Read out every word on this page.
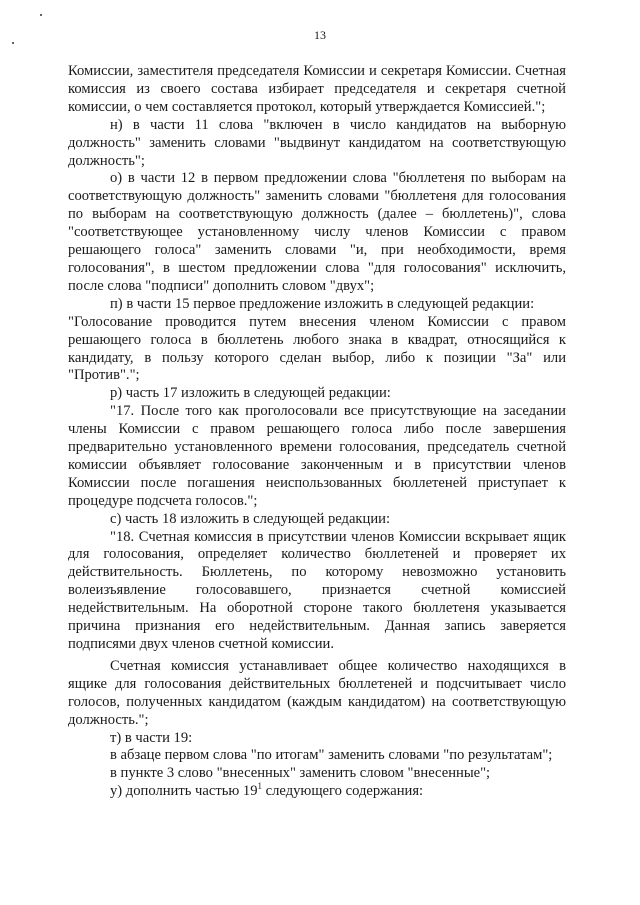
13

Комиссии, заместителя председателя Комиссии и секретаря Комиссии. Счетная комиссия из своего состава избирает председателя и секретаря счетной комиссии, о чем составляется протокол, который утверждается Комиссией.";

н) в части 11 слова "включен в число кандидатов на выборную должность" заменить словами "выдвинут кандидатом на соответствующую должность";

о) в части 12 в первом предложении слова "бюллетеня по выборам на соответствующую должность" заменить словами "бюллетеня для голосования по выборам на соответствующую должность (далее – бюллетень)", слова "соответствующее установленному числу членов Комиссии с правом решающего голоса" заменить словами "и, при необходимости, время голосования", в шестом предложении слова "для голосования" исключить, после слова "подписи" дополнить словом "двух";

п) в части 15 первое предложение изложить в следующей редакции:

"Голосование проводится путем внесения членом Комиссии с правом решающего голоса в бюллетень любого знака в квадрат, относящийся к кандидату, в пользу которого сделан выбор, либо к позиции "За" или "Против".";

р) часть 17 изложить в следующей редакции:

"17. После того как проголосовали все присутствующие на заседании члены Комиссии с правом решающего голоса либо после завершения предварительно установленного времени голосования, председатель счетной комиссии объявляет голосование законченным и в присутствии членов Комиссии после погашения неиспользованных бюллетеней приступает к процедуре подсчета голосов.";

с) часть 18 изложить в следующей редакции:

"18. Счетная комиссия в присутствии членов Комиссии вскрывает ящик для голосования, определяет количество бюллетеней и проверяет их действительность. Бюллетень, по которому невозможно установить волеизъявление голосовавшего, признается счетной комиссией недействительным. На оборотной стороне такого бюллетеня указывается причина признания его недействительным. Данная запись заверяется подписями двух членов счетной комиссии.

Счетная комиссия устанавливает общее количество находящихся в ящике для голосования действительных бюллетеней и подсчитывает число голосов, полученных кандидатом (каждым кандидатом) на соответствующую должность.";

т) в части 19:

в абзаце первом слова "по итогам" заменить словами "по результатам";

в пункте 3 слово "внесенных" заменить словом "внесенные";

у) дополнить частью $19^1$ следующего содержания:
